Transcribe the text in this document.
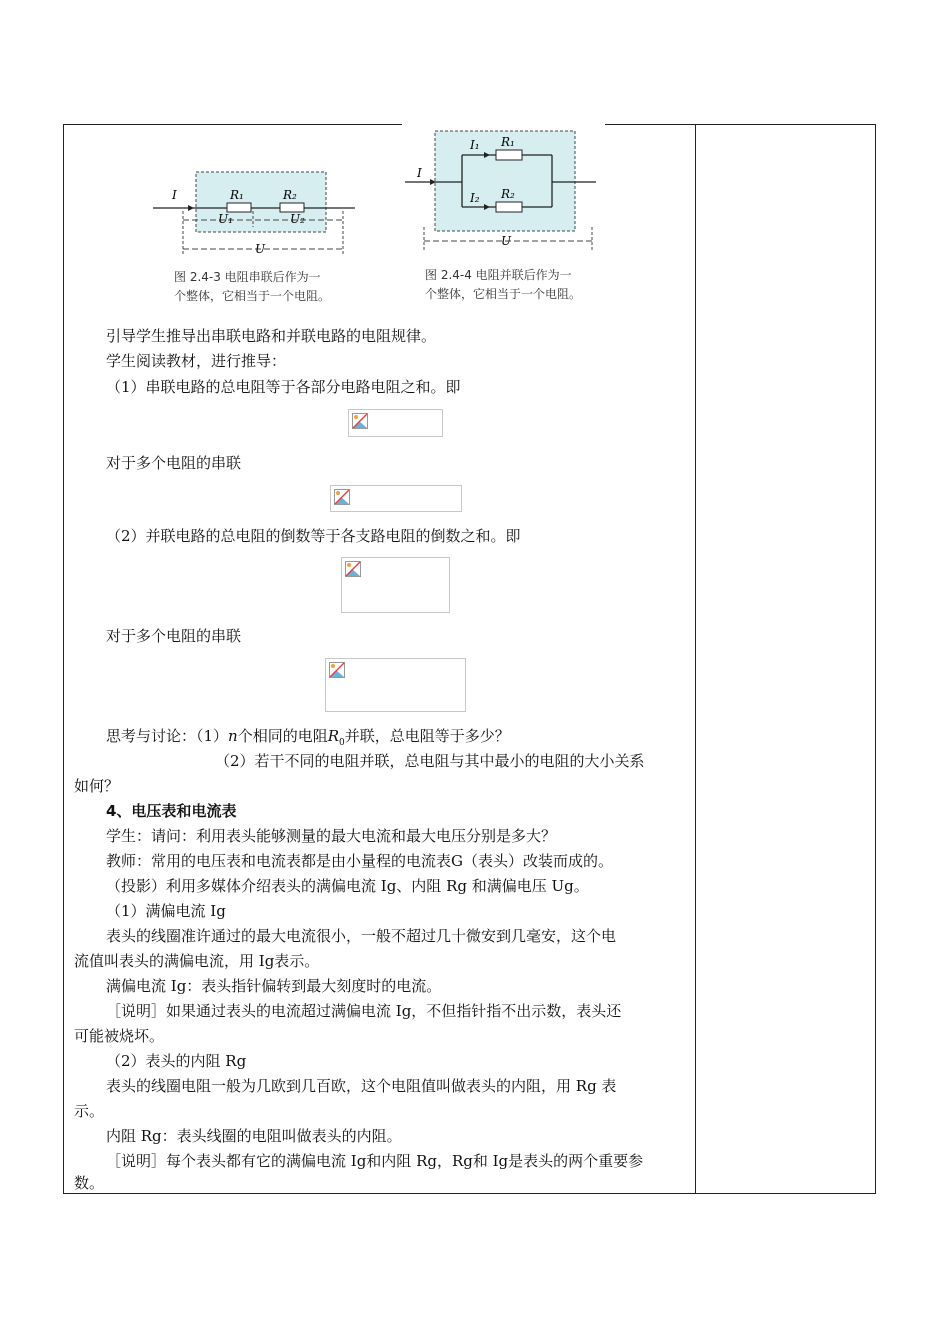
I	R₁	R₂
U₁	U₂
U
图 2.4-3 电阻串联后作为一
个整体，它相当于一个电阻。
I
I₁
I₂
R₁
R₂
U
图 2.4-4 电阻并联后作为一
个整体，它相当于一个电阻。
引导学生推导出串联电路和并联电路的电阻规律。
学生阅读教材，进行推导：
（1）串联电路的总电阻等于各部分电路电阻之和。即
对于多个电阻的串联
（2）并联电路的总电阻的倒数等于各支路电阻的倒数之和。即
对于多个电阻的串联
思考与讨论：（1）n个相同的电阻$R_0$并联，总电阻等于多少？
（2）若干不同的电阻并联，总电阻与其中最小的电阻的大小关系
如何？
4、电压表和电流表
学生：请问：利用表头能够测量的最大电流和最大电压分别是多大？
教师：常用的电压表和电流表都是由小量程的电流表G（表头）改装而成的。
（投影）利用多媒体介绍表头的满偏电流 Ig、内阻 Rg 和满偏电压 Ug。
（1）满偏电流 Ig
表头的线圈准许通过的最大电流很小，一般不超过几十微安到几毫安，这个电
流值叫表头的满偏电流，用 Ig表示。
满偏电流 Ig：表头指针偏转到最大刻度时的电流。
［说明］如果通过表头的电流超过满偏电流 Ig，不但指针指不出示数，表头还
可能被烧坏。
（2）表头的内阻 Rg
表头的线圈电阻一般为几欧到几百欧，这个电阻值叫做表头的内阻，用 Rg 表
示。
内阻 Rg：表头线圈的电阻叫做表头的内阻。
［说明］每个表头都有它的满偏电流 Ig和内阻 Rg，Rg和 Ig是表头的两个重要参
数。
